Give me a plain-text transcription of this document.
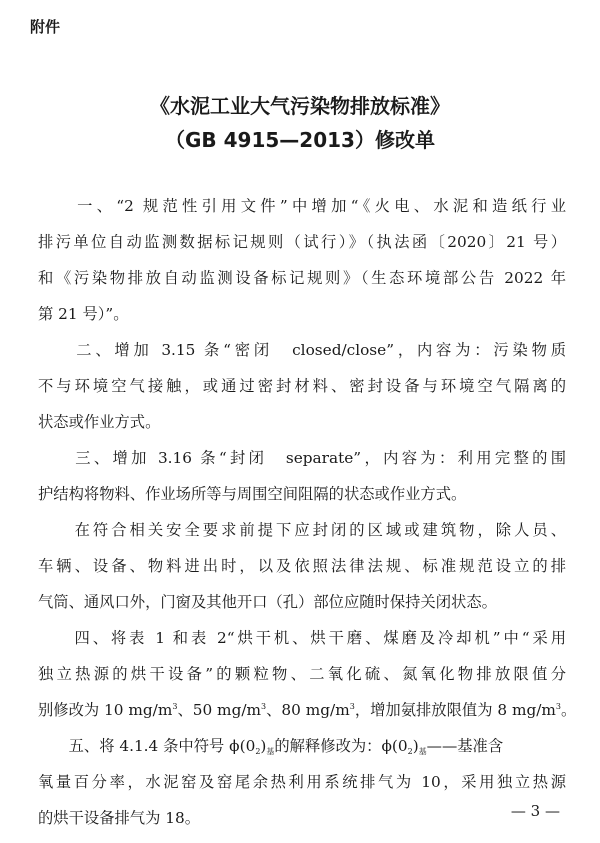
附件

《水泥工业大气污染物排放标准》
（GB 4915—2013）修改单

　　一、“2 规范性引用文件”中增加“《火电、水泥和造纸行业

排污单位自动监测数据标记规则（试行）》（执法函〔2020〕21 号）

和《污染物排放自动监测设备标记规则》（生态环境部公告 2022 年

第 21 号）”。

　　二、增加 3.15 条“密闭　closed/close”，内容为：污染物质

不与环境空气接触，或通过密封材料、密封设备与环境空气隔离的

状态或作业方式。

　　三、增加 3.16 条“封闭　separate”，内容为：利用完整的围

护结构将物料、作业场所等与周围空间阻隔的状态或作业方式。

　　在符合相关安全要求前提下应封闭的区域或建筑物，除人员、

车辆、设备、物料进出时，以及依照法律法规、标准规范设立的排

气筒、通风口外，门窗及其他开口（孔）部位应随时保持关闭状态。

　　四、将表 1 和表 2“烘干机、烘干磨、煤磨及冷却机”中“采用

独立热源的烘干设备”的颗粒物、二氧化硫、氮氧化物排放限值分

别修改为 10 $mg/m^3$、50 $mg/m^3$、80 $mg/m^3$，增加氨排放限值为 8 $mg/m^3$。

　　五、将 4.1.4 条中符号 $\phi(0_2)_基$的解释修改为：$\phi(0_2)_基——$基准含

氧量百分率，水泥窑及窑尾余热利用系统排气为 10，采用独立热源

的烘干设备排气为 18。	— 3 —
